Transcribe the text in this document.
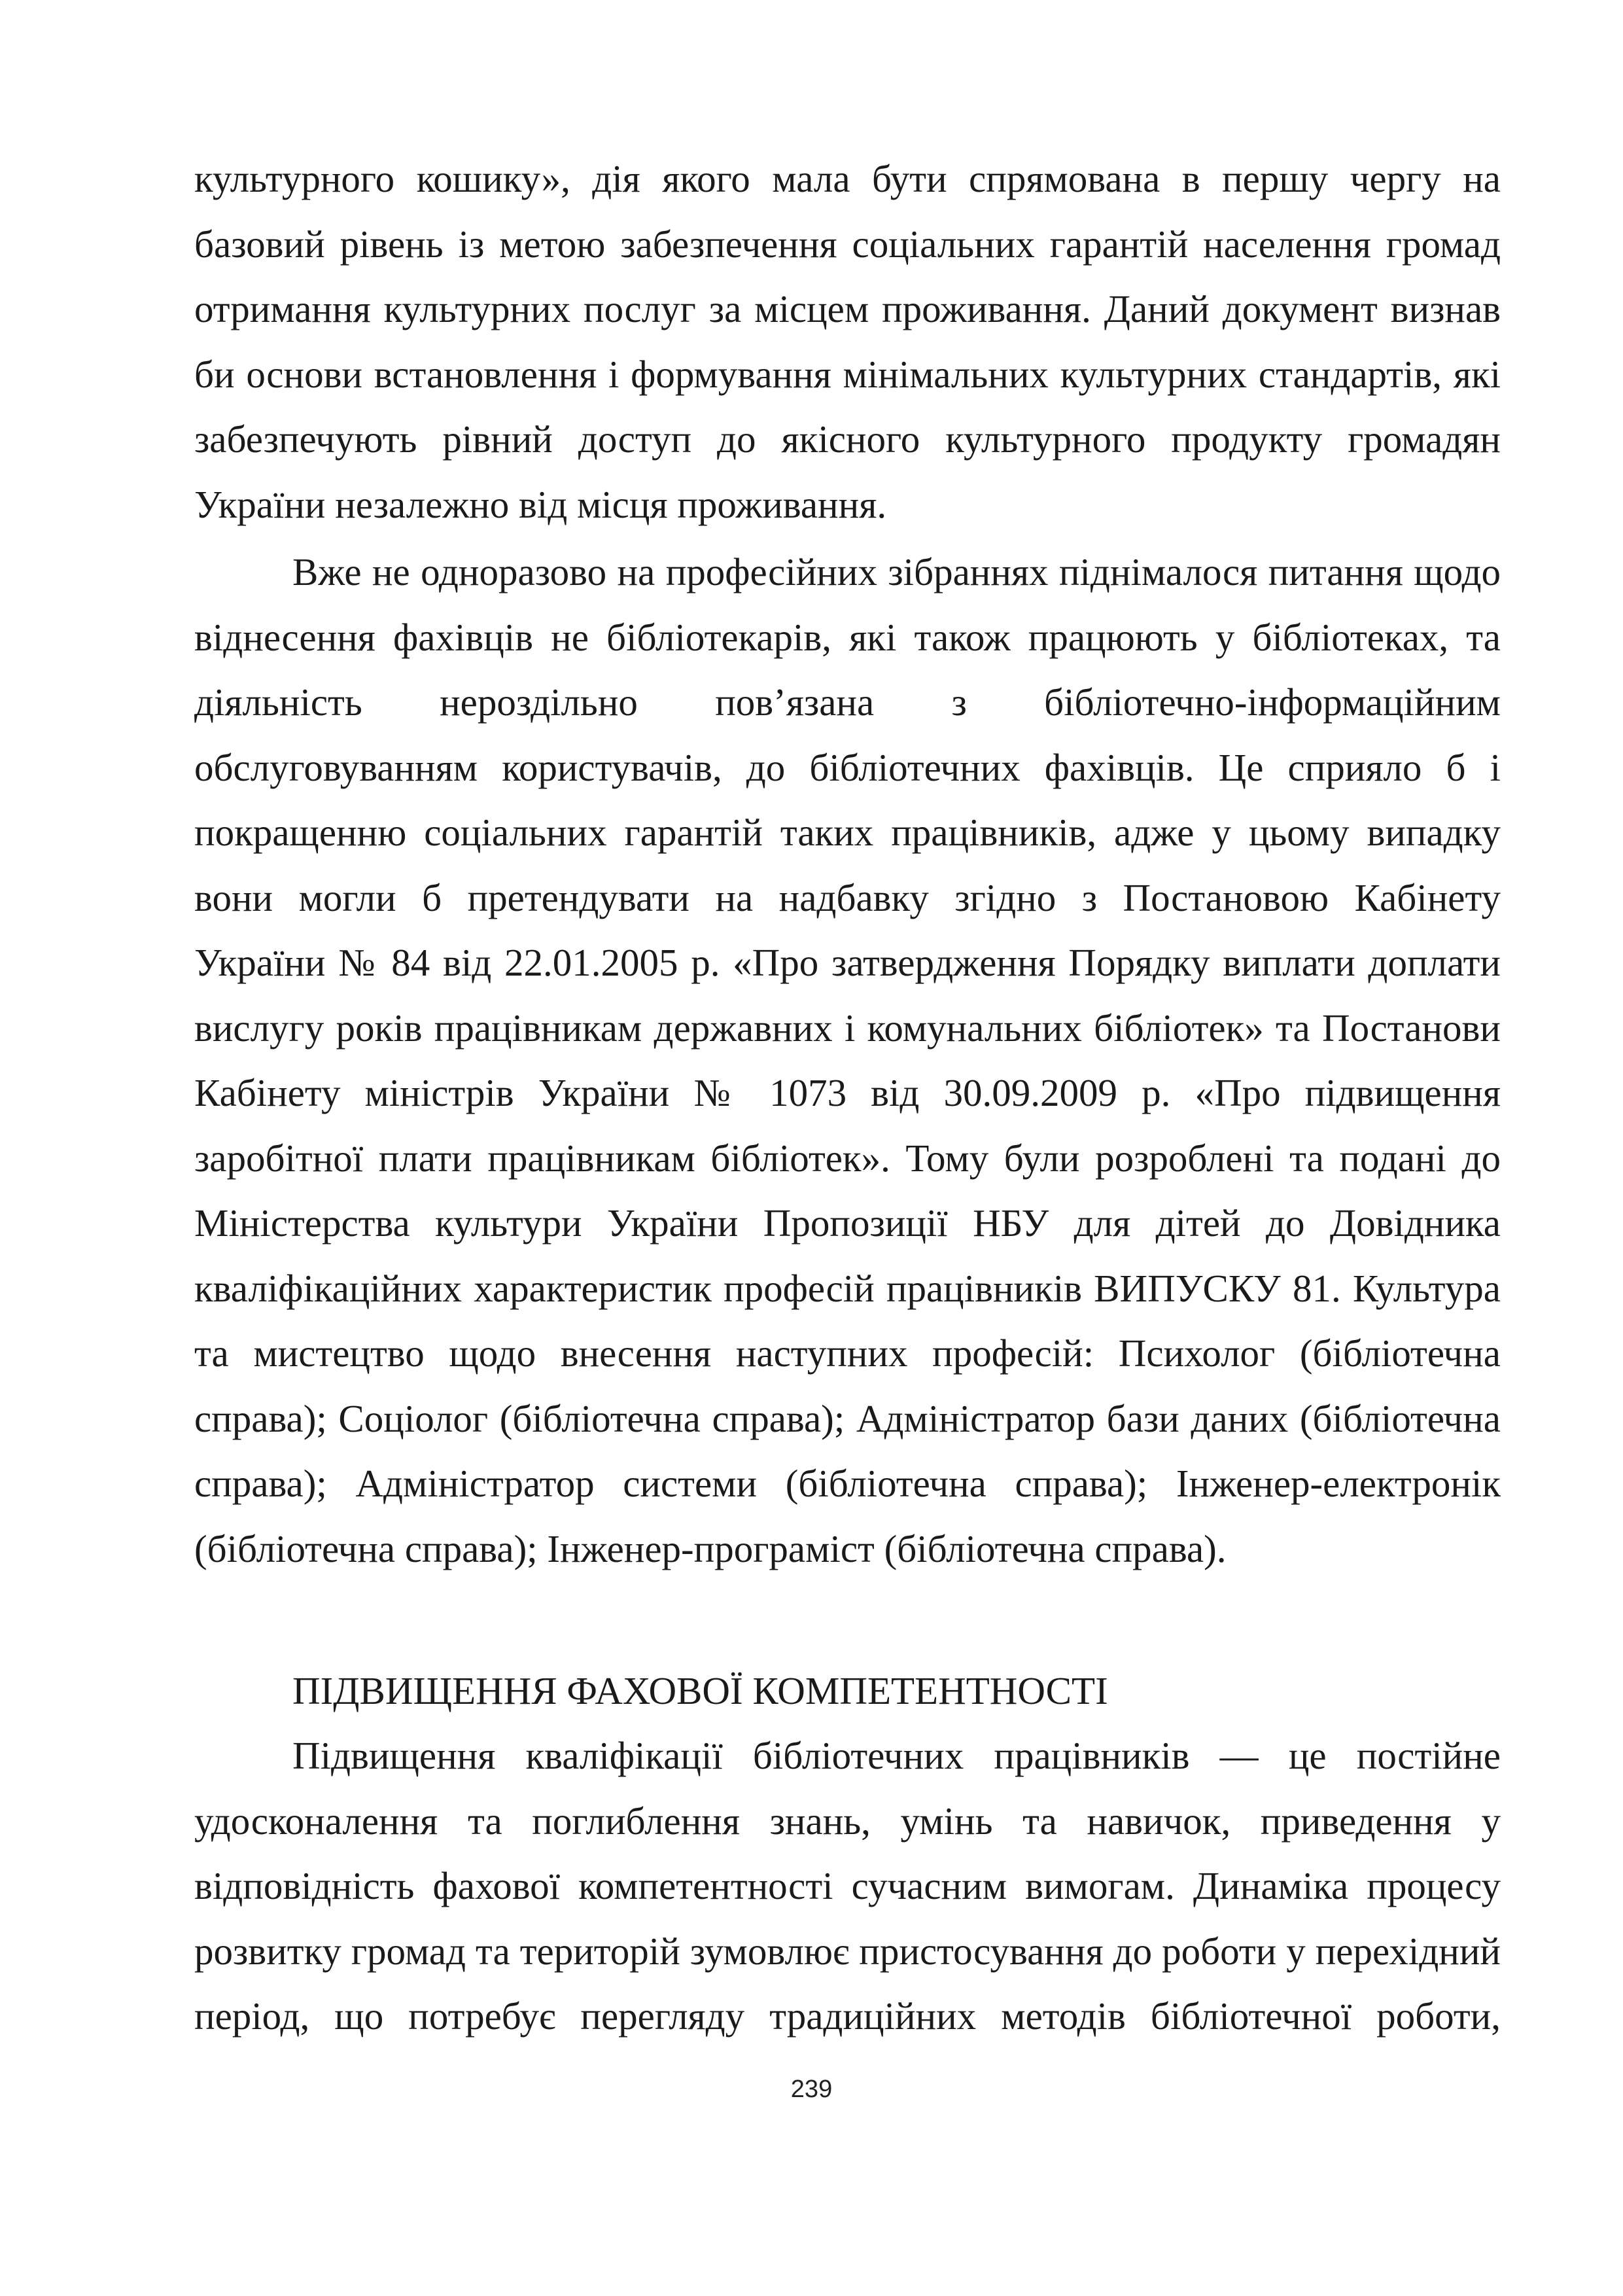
культурного кошику», дія якого мала бути спрямована в першу чергу на
базовий рівень із метою забезпечення соціальних гарантій населення громад
отримання культурних послуг за місцем проживання. Даний документ визнав
би основи встановлення і формування мінімальних культурних стандартів, які
забезпечують рівний доступ до якісного культурного продукту громадян
України незалежно від місця проживання.
Вже не одноразово на професійних зібраннях піднімалося питання щодо
віднесення фахівців не бібліотекарів, які також працюють у бібліотеках, та
діяльність нероздільно пов’язана з бібліотечно-інформаційним
обслуговуванням користувачів, до бібліотечних фахівців. Це сприяло б і
покращенню соціальних гарантій таких працівників, адже у цьому випадку
вони могли б претендувати на надбавку згідно з Постановою Кабінету
України № 84 від 22.01.2005 р. «Про затвердження Порядку виплати доплати
вислугу років працівникам державних і комунальних бібліотек» та Постанови
Кабінету міністрів України № 1073 від 30.09.2009 р. «Про підвищення
заробітної плати працівникам бібліотек». Тому були розроблені та подані до
Міністерства культури України Пропозиції НБУ для дітей до Довідника
кваліфікаційних характеристик професій працівників ВИПУСКУ 81. Культура
та мистецтво щодо внесення наступних професій: Психолог (бібліотечна
справа); Соціолог (бібліотечна справа); Адміністратор бази даних (бібліотечна
справа); Адміністратор системи (бібліотечна справа); Інженер-електронік
(бібліотечна справа); Інженер-програміст (бібліотечна справа).
ПІДВИЩЕННЯ ФАХОВОЇ КОМПЕТЕНТНОСТІ
Підвищення кваліфікації бібліотечних працівників — це постійне
удосконалення та поглиблення знань, умінь та навичок, приведення у
відповідність фахової компетентності сучасним вимогам. Динаміка процесу
розвитку громад та територій зумовлює пристосування до роботи у перехідний
період, що потребує перегляду традиційних методів бібліотечної роботи,
239
